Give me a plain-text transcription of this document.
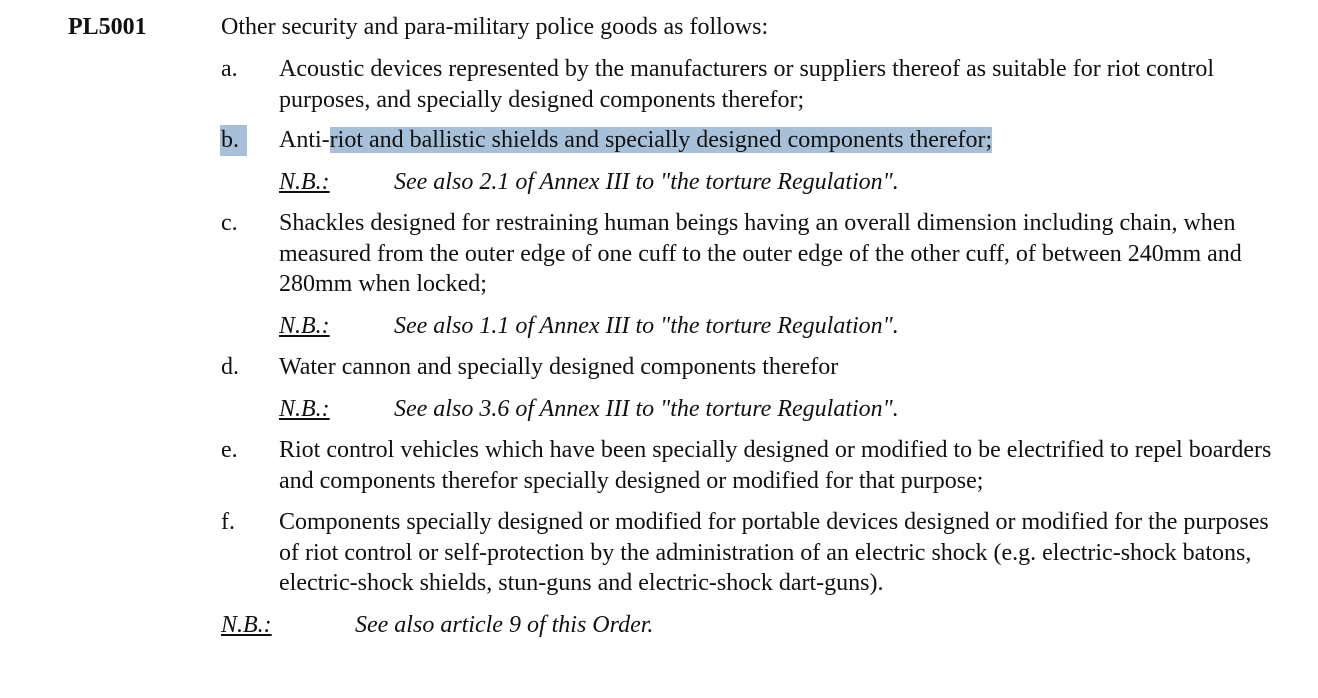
PL5001	Other security and para-military police goods as follows:
a. Acoustic devices represented by the manufacturers or suppliers thereof as suitable for riot control purposes, and specially designed components therefor;
b.	Anti-riot and ballistic shields and specially designed components therefor;
N.B.:	See also 2.1 of Annex III to "the torture Regulation".
c. Shackles designed for restraining human beings having an overall dimension including chain, when measured from the outer edge of one cuff to the outer edge of the other cuff, of between 240mm and 280mm when locked;
N.B.:	See also 1.1 of Annex III to "the torture Regulation".
d. Water cannon and specially designed components therefor
N.B.:	See also 3.6 of Annex III to "the torture Regulation".
e. Riot control vehicles which have been specially designed or modified to be electrified to repel boarders and components therefor specially designed or modified for that purpose;
f. Components specially designed or modified for portable devices designed or modified for the purposes of riot control or self-protection by the administration of an electric shock (e.g. electric-shock batons, electric-shock shields, stun-guns and electric-shock dart-guns).
N.B.:	See also article 9 of this Order.
